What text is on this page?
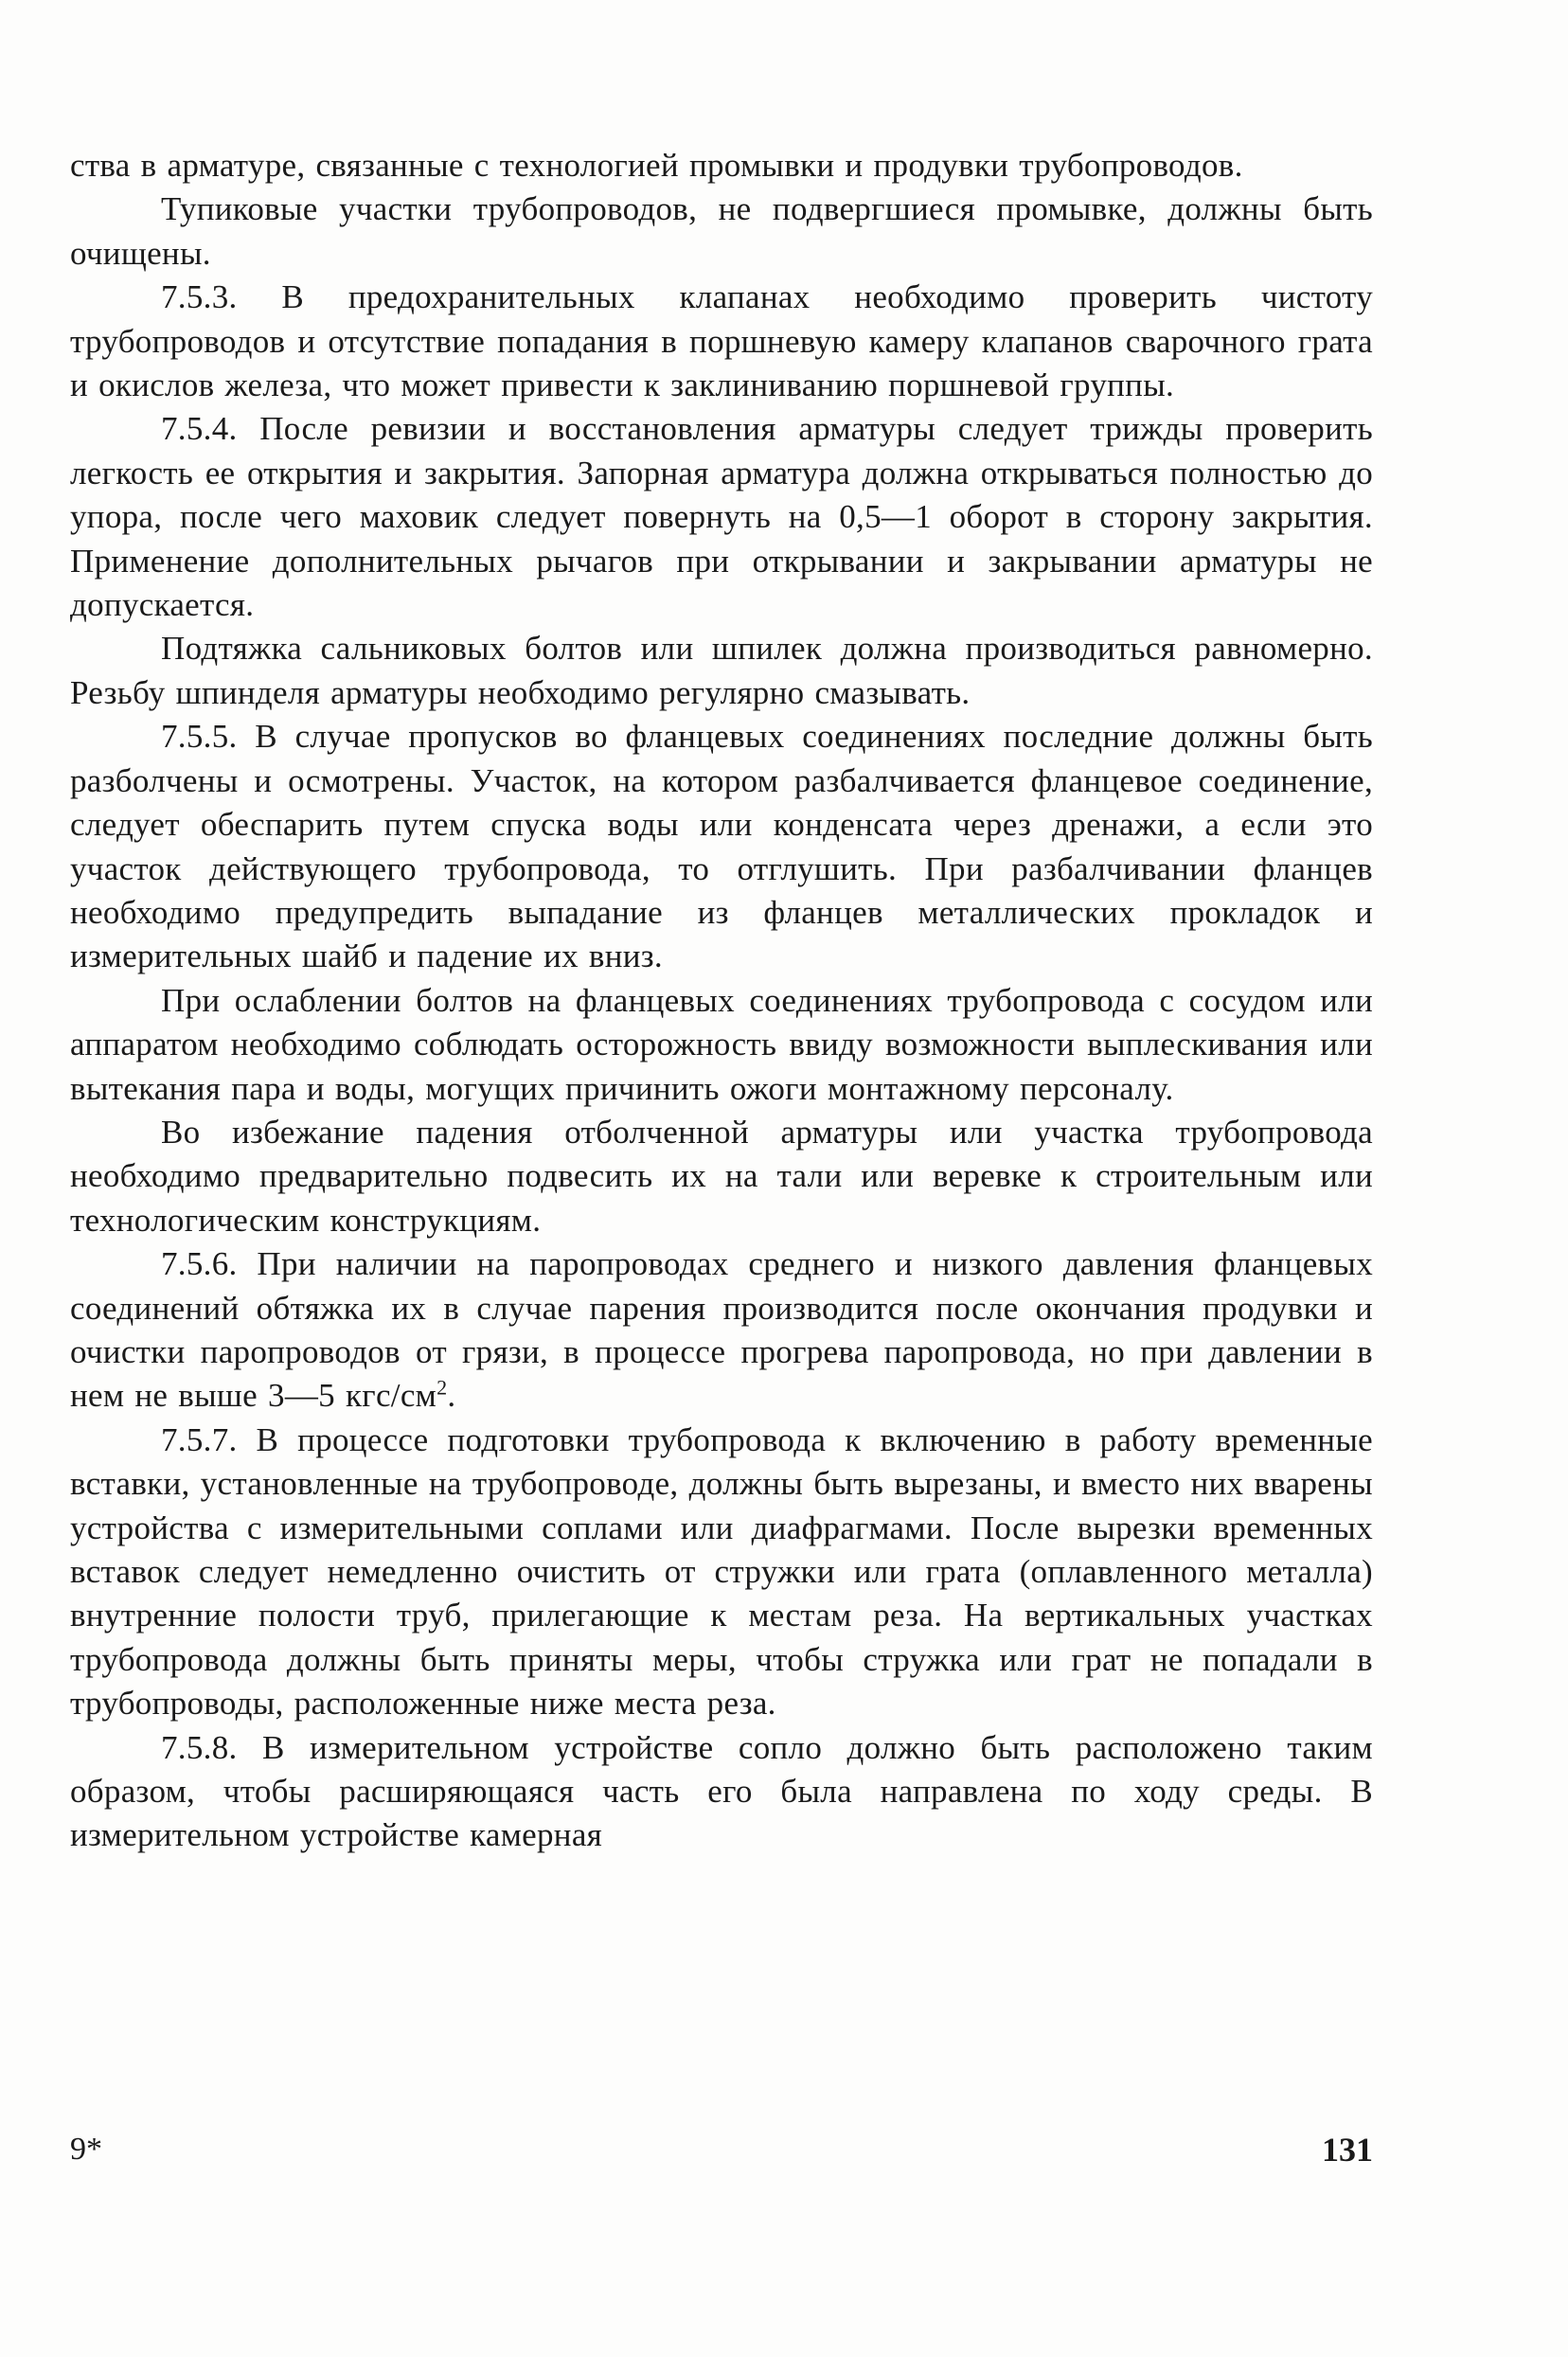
ства в арматуре, связанные с технологией промывки и продувки трубопроводов.

Тупиковые участки трубопроводов, не подвергшиеся промывке, должны быть очищены.

7.5.3. В предохранительных клапанах необходимо проверить чистоту трубопроводов и отсутствие попадания в поршневую камеру клапанов сварочного грата и окислов железа, что может привести к заклиниванию поршневой группы.

7.5.4. После ревизии и восстановления арматуры следует трижды проверить легкость ее открытия и закрытия. Запорная арматура должна открываться полностью до упора, после чего маховик следует повернуть на 0,5—1 оборот в сторону закрытия. Применение дополнительных рычагов при открывании и закрывании арматуры не допускается.

Подтяжка сальниковых болтов или шпилек должна производиться равномерно. Резьбу шпинделя арматуры необходимо регулярно смазывать.

7.5.5. В случае пропусков во фланцевых соединениях последние должны быть разболчены и осмотрены. Участок, на котором разбалчивается фланцевое соединение, следует обеспарить путем спуска воды или конденсата через дренажи, а если это участок действующего трубопровода, то отглушить. При разбалчивании фланцев необходимо предупредить выпадание из фланцев металлических прокладок и измерительных шайб и падение их вниз.

При ослаблении болтов на фланцевых соединениях трубопровода с сосудом или аппаратом необходимо соблюдать осторожность ввиду возможности выплескивания или вытекания пара и воды, могущих причинить ожоги монтажному персоналу.

Во избежание падения отболченной арматуры или участка трубопровода необходимо предварительно подвесить их на тали или веревке к строительным или технологическим конструкциям.

7.5.6. При наличии на паропроводах среднего и низкого давления фланцевых соединений обтяжка их в случае парения производится после окончания продувки и очистки паропроводов от грязи, в процессе прогрева паропровода, но при давлении в нем не выше 3—5 кгс/$см^2$.

7.5.7. В процессе подготовки трубопровода к включению в работу временные вставки, установленные на трубопроводе, должны быть вырезаны, и вместо них вварены устройства с измерительными соплами или диафрагмами. После вырезки временных вставок следует немедленно очистить от стружки или грата (оплавленного металла) внутренние полости труб, прилегающие к местам реза. На вертикальных участках трубопровода должны быть приняты меры, чтобы стружка или грат не попадали в трубопроводы, расположенные ниже места реза.

7.5.8. В измерительном устройстве сопло должно быть расположено таким образом, чтобы расширяющаяся часть его была направлена по ходу среды. В измерительном устройстве камерная

9*	131
